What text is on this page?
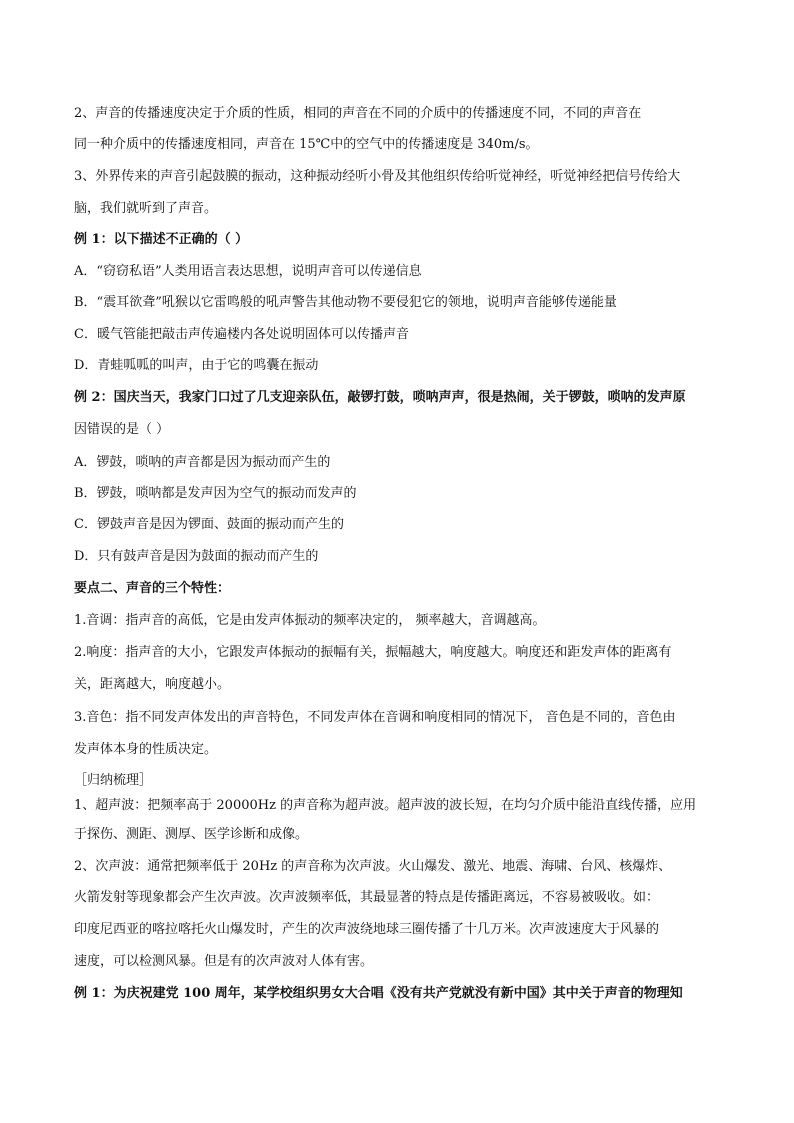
2、声音的传播速度决定于介质的性质，相同的声音在不同的介质中的传播速度不同，不同的声音在
同一种介质中的传播速度相同，声音在 15℃中的空气中的传播速度是 340m/s。
3、外界传来的声音引起鼓膜的振动，这种振动经听小骨及其他组织传给听觉神经，听觉神经把信号传给大
脑，我们就听到了声音。
例 1：以下描述不正确的（ ）
A．“窃窃私语”人类用语言表达思想，说明声音可以传递信息
B．“震耳欲聋”吼猴以它雷鸣般的吼声警告其他动物不要侵犯它的领地，说明声音能够传递能量
C．暖气管能把敲击声传遍楼内各处说明固体可以传播声音
D．青蛙呱呱的叫声，由于它的鸣囊在振动
例 2：国庆当天，我家门口过了几支迎亲队伍，敲锣打鼓，唢呐声声，很是热闹，关于锣鼓，唢呐的发声原
因错误的是（ ）
A．锣鼓，唢呐的声音都是因为振动而产生的
B．锣鼓，唢呐都是发声因为空气的振动而发声的
C．锣鼓声音是因为锣面、鼓面的振动而产生的
D．只有鼓声音是因为鼓面的振动而产生的
要点二、声音的三个特性：
1.音调：指声音的高低，它是由发声体振动的频率决定的， 频率越大，音调越高。
2.响度：指声音的大小，它跟发声体振动的振幅有关，振幅越大，响度越大。响度还和距发声体的距离有
关，距离越大，响度越小。
3.音色：指不同发声体发出的声音特色，不同发声体在音调和响度相同的情况下， 音色是不同的，音色由
发声体本身的性质决定。
［归纳梳理］
1、超声波：把频率高于 20000Hz 的声音称为超声波。超声波的波长短，在均匀介质中能沿直线传播，应用
于探伤、测距、测厚、医学诊断和成像。
2、次声波：通常把频率低于 20Hz 的声音称为次声波。火山爆发、激光、地震、海啸、台风、核爆炸、
火箭发射等现象都会产生次声波。次声波频率低，其最显著的特点是传播距离远，不容易被吸收。如：
印度尼西亚的喀拉喀托火山爆发时，产生的次声波绕地球三圈传播了十几万米。次声波速度大于风暴的
速度，可以检测风暴。但是有的次声波对人体有害。
例 1：为庆祝建党 100 周年，某学校组织男女大合唱《没有共产党就没有新中国》其中关于声音的物理知
